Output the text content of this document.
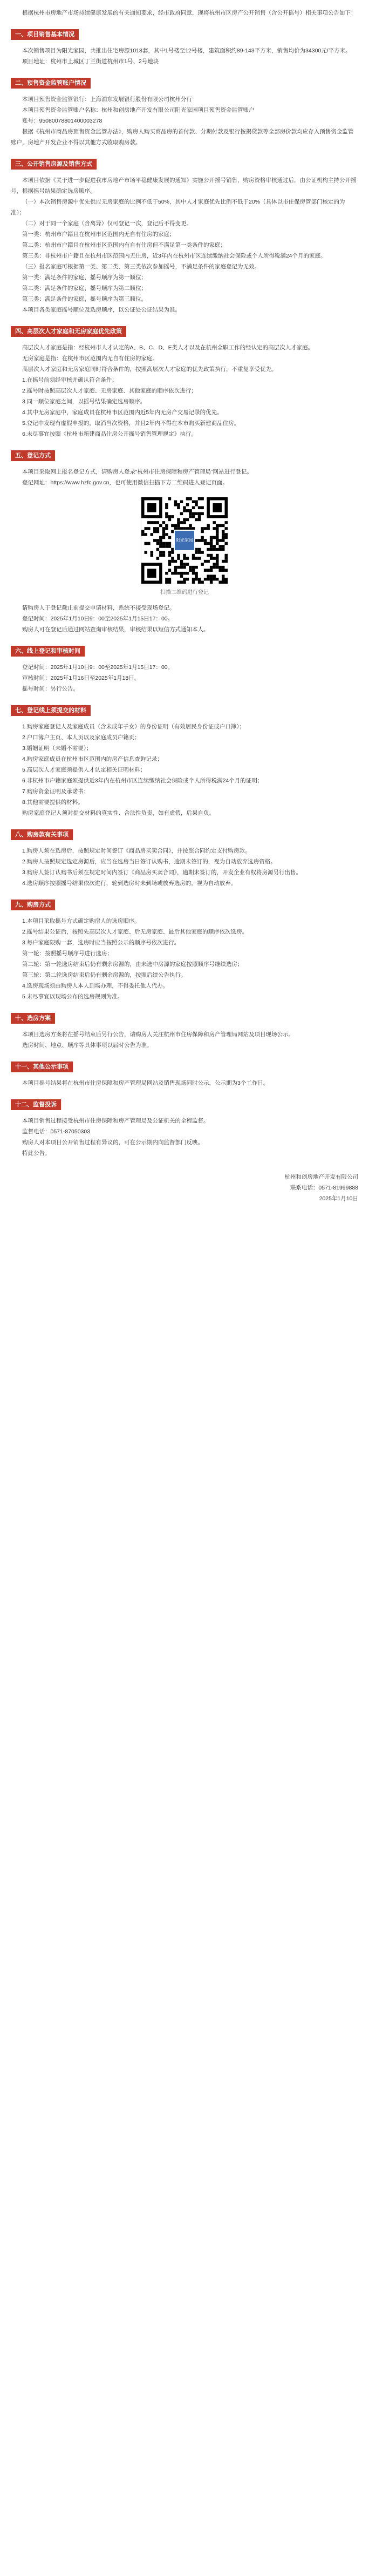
根据杭州市房地产市场持续健康发展的有关通知要求，经市政府同意，现将杭州市区房产公开销售（含公开摇号）相关事项公告如下：

一、项目销售基本情况

本次销售项目为阳光家园，共推出住宅房源1018套，其中1号楼至12号楼，建筑面积约89-143平方米，销售均价为34300元/平方米。

项目地址：杭州市上城区丁兰街道杭州市1号、2号地块

二、预售资金监管账户情况

本项目预售资金监管银行：上海浦东发展银行股份有限公司杭州分行

本项目预售资金监管账户名称：杭州和创房地产开发有限公司阳光家园项目预售资金监管账户

账号：95080078801400003278

根据《杭州市商品房预售资金监管办法》，购房人购买商品房的首付款、分期付款及银行按揭贷款等全部房价款均应存入预售资金监管账户，房地产开发企业不得以其他方式收取购房款。

三、公开销售房源及销售方式

本项目依据《关于进一步促进我市房地产市场平稳健康发展的通知》实施公开摇号销售，购房资格审核通过后，由公证机构主持公开摇号，根据摇号结果确定选房顺序。

（一）本次销售房源中优先供应无房家庭的比例不低于50%，其中人才家庭优先比例不低于20%（具体以市住保房管部门核定的为准）；

（二）对于同一个家庭（含离异）仅可登记一次，登记后不得变更。

第一类：杭州市户籍且在杭州市区范围内无自有住房的家庭；

第二类：杭州市户籍且在杭州市区范围内有自有住房但不满足第一类条件的家庭；

第三类：非杭州市户籍且在杭州市区范围内无住房，近3年内在杭州市区连续缴纳社会保险或个人所得税满24个月的家庭。

（三）报名家庭可根据第一类、第二类、第三类依次参加摇号，不满足条件的家庭登记为无效。

第一类：满足条件的家庭，摇号顺序为第一顺位；

第二类：满足条件的家庭，摇号顺序为第二顺位；

第三类：满足条件的家庭，摇号顺序为第三顺位。

本项目各类家庭摇号顺位及选房顺序，以公证处公证结果为准。

四、高层次人才家庭和无房家庭优先政策

高层次人才家庭是指：经杭州市人才认定的A、B、C、D、E类人才以及在杭州全职工作的经认定的高层次人才家庭。

无房家庭是指：在杭州市区范围内无自有住房的家庭。

高层次人才家庭和无房家庭同时符合条件的，按照高层次人才家庭的优先政策执行，不重复享受优先。

1.在摇号前须经审核并确认符合条件；

2.摇号时按照高层次人才家庭、无房家庭、其他家庭的顺序依次进行；

3.同一顺位家庭之间，以摇号结果确定选房顺序。

4.其中无房家庭中，家庭成员在杭州市区范围内近5年内无房产交易记录的优先。

5.登记中发现有虚假申报的，取消当次资格，并且2年内不得在本市购买新建商品住房。

6.未尽事宜按照《杭州市新建商品住房公开摇号销售管理规定》执行。

五、登记方式

本项目采取网上报名登记方式，请购房人登录“杭州市住房保障和房产管理局”网站进行登记。

登记网址：https://www.hzfc.gov.cn，也可使用微信扫描下方二维码进入登记页面。

阳光家园

扫描二维码进行登记

请购房人于登记截止前提交申请材料，系统不接受现场登记。

登记时间：2025年1月10日9：00至2025年1月15日17：00。

购房人可在登记后通过网站查询审核结果，审核结果以短信方式通知本人。

六、线上登记和审核时间

登记时间：2025年1月10日9：00至2025年1月15日17：00。

审核时间：2025年1月16日至2025年1月18日。

摇号时间：另行公告。

七、登记线上须提交的材料

1.购房家庭登记人及家庭成员（含未成年子女）的身份证明（有效居民身份证或户口簿）；

2.户口簿户主页、本人页以及家庭成员户籍页；

3.婚姻证明（未婚不需要）；

4.购房家庭成员在杭州市区范围内的房产信息查询记录；

5.高层次人才家庭须提供人才认定相关证明材料；

6.非杭州市户籍家庭须提供近3年内在杭州市区连续缴纳社会保险或个人所得税满24个月的证明；

7.购房资金证明及承诺书；

8.其他需要提供的材料。

购房家庭登记人须对提交材料的真实性、合法性负责，如有虚假，后果自负。

八、购房款有关事项

1.购房人须在选房后，按照规定时间签订《商品房买卖合同》，并按照合同约定支付购房款。

2.购房人按照规定选定房源后，应当在选房当日签订认购书，逾期未签订的，视为自动放弃选房资格。

3.购房人签订认购书后须在规定时间内签订《商品房买卖合同》，逾期未签订的，开发企业有权将房源另行出售。

4.选房顺序按照摇号结果依次进行，轮到选房时未到场或放弃选房的，视为自动放弃。

九、购房方式

1.本项目采取摇号方式确定购房人的选房顺序。

2.摇号结果公证后，按照先高层次人才家庭、后无房家庭、最后其他家庭的顺序依次选房。

3.每户家庭限购一套，选房时应当按照公示的顺序号依次进行。

第一轮：按照摇号顺序号进行选房；

第二轮：第一轮选房结束后仍有剩余房源的，由未选中房源的家庭按照顺序号继续选房；

第三轮：第二轮选房结束后仍有剩余房源的，按照后续公告执行。

4.选房现场须由购房人本人到场办理，不得委托他人代办。

5.未尽事宜以现场公布的选房规则为准。

十、选房方案

本项目选房方案将在摇号结束后另行公告，请购房人关注杭州市住房保障和房产管理局网站及项目现场公示。

选房时间、地点、顺序等具体事项以届时公告为准。

十一、其他公示事项

本项目摇号结果将在杭州市住房保障和房产管理局网站及销售现场同时公示，公示期为3个工作日。

十二、监督投诉

本项目销售过程接受杭州市住房保障和房产管理局及公证机关的全程监督。

监督电话：0571-87050303

购房人对本项目公开销售过程有异议的，可在公示期内向监督部门反映。

特此公告。

杭州和创房地产开发有限公司

联系电话：0571-81999888

2025年1月10日
